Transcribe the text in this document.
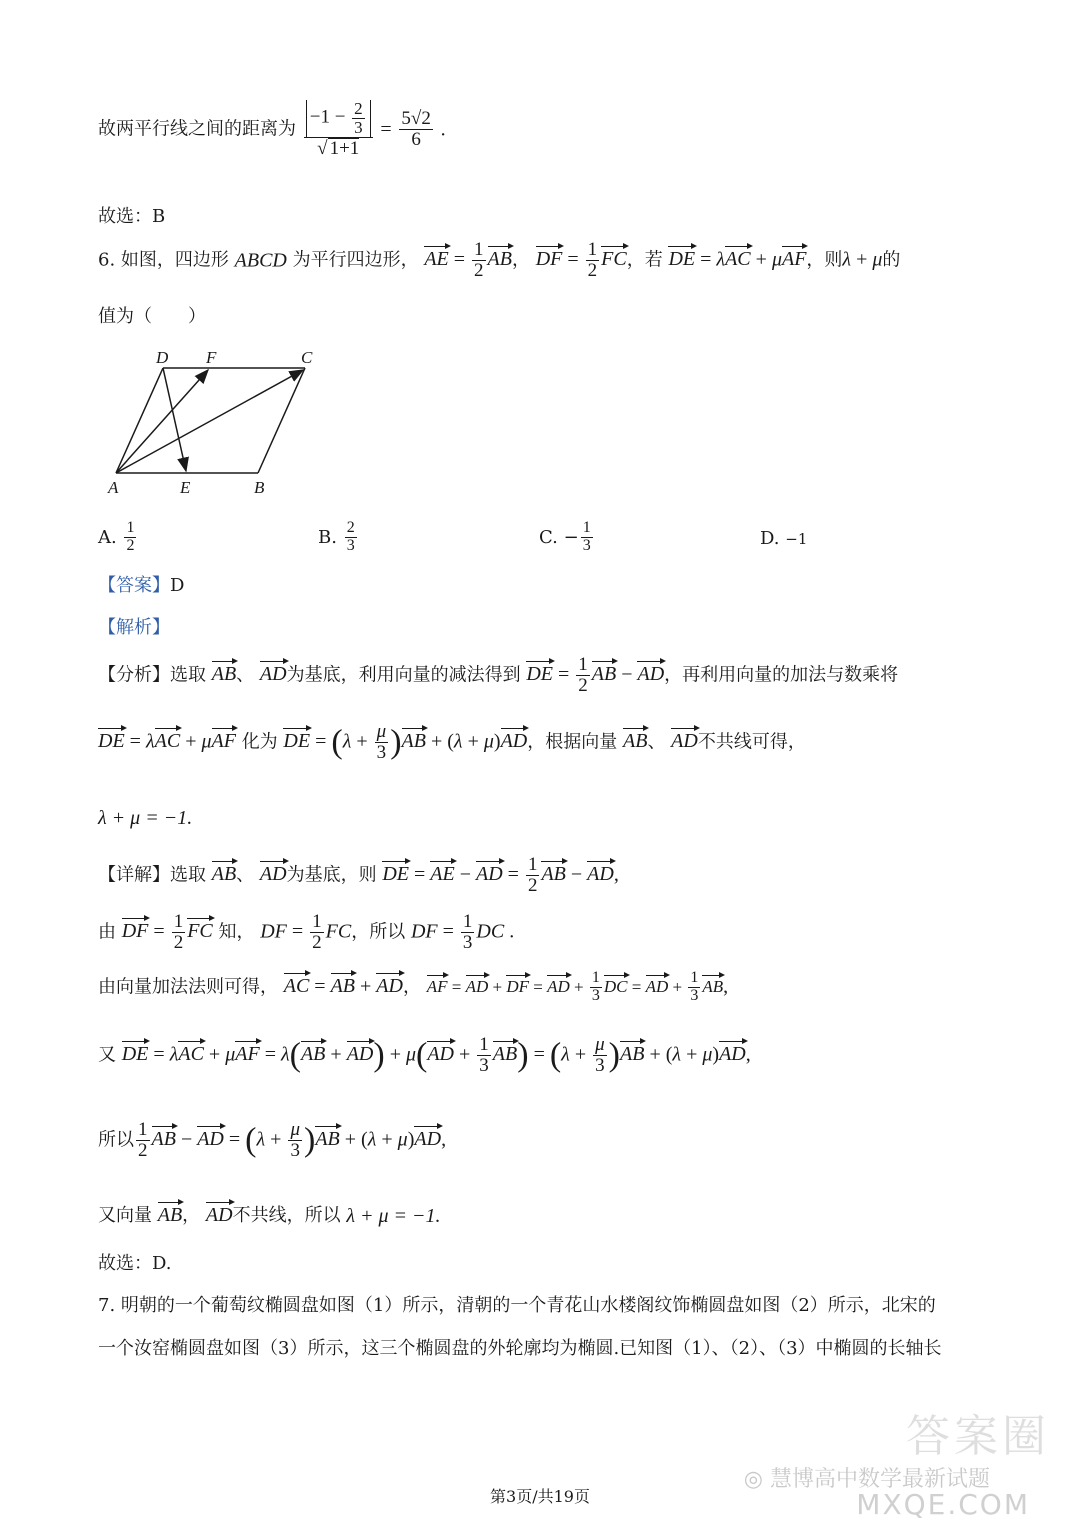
故两平行线之间的距离为 $\frac{-1 - \frac{2}{3}}{√ 1+1} = \frac{5√2}{6}$ .
故选：B
6. 如图，四边形 ABCD 为平行四边形， AE = $\frac{1}{2}$ AB， DF = $\frac{1}{2}$ FC，若 DE = λAC + μAF，则λ + μ的
值为（　　）
D F	C
A	E	B
A. $\frac{1}{2}$	B. $\frac{2}{3}$	C. − $\frac{1}{3}$	D. −1
【答案】D
【解析】
【分析】选取 AB、 AD为基底，利用向量的减法得到 DE = $\frac{1}{2}$ AB − AD，再利用向量的加法与数乘将
DE = λAC + μAF 化为 DE = $(\lambda + \frac{\mu}{3} )AB + (\lambda + \mu)AD$，根据向量 AB、 AD不共线可得，
λ + μ = −1.
【详解】选取 AB、 AD为基底，则 DE = AE − AD = $\frac{1}{2}$ AB − AD,
由 DF = $\frac{1}{2}$ FC 知， DF = $\frac{1}{2}$ FC，所以 DF = $\frac{1}{3}$ DC .
由向量加法法则可得， AC = AB + AD， AF = AD + DF = AD + $\frac{1}{3}$ DC = AD + $\frac{1}{3}$ AB,
又 DE = $\lambda AC + \mu AF = \lambda(AB + AD) + \mu(AD + \frac{1}{3} AB) = (\lambda + \frac{\mu}{3} )AB + (\lambda + \mu)AD$,
所以 $\frac{1}{2}$ AB − AD = $(\lambda + \frac{\mu}{3} )AB + (\lambda + \mu)AD$,
又向量 AB， AD不共线，所以 λ + μ = −1.
故选：D.
7. 明朝的一个葡萄纹椭圆盘如图（1）所示，清朝的一个青花山水楼阁纹饰椭圆盘如图（2）所示，北宋的
一个汝窑椭圆盘如图（3）所示，这三个椭圆盘的外轮廓均为椭圆.已知图（1）、（2）、（3）中椭圆的长轴长
答案圈
◎ 慧博高中数学最新试题
MXQE.COM
第3页/共19页
